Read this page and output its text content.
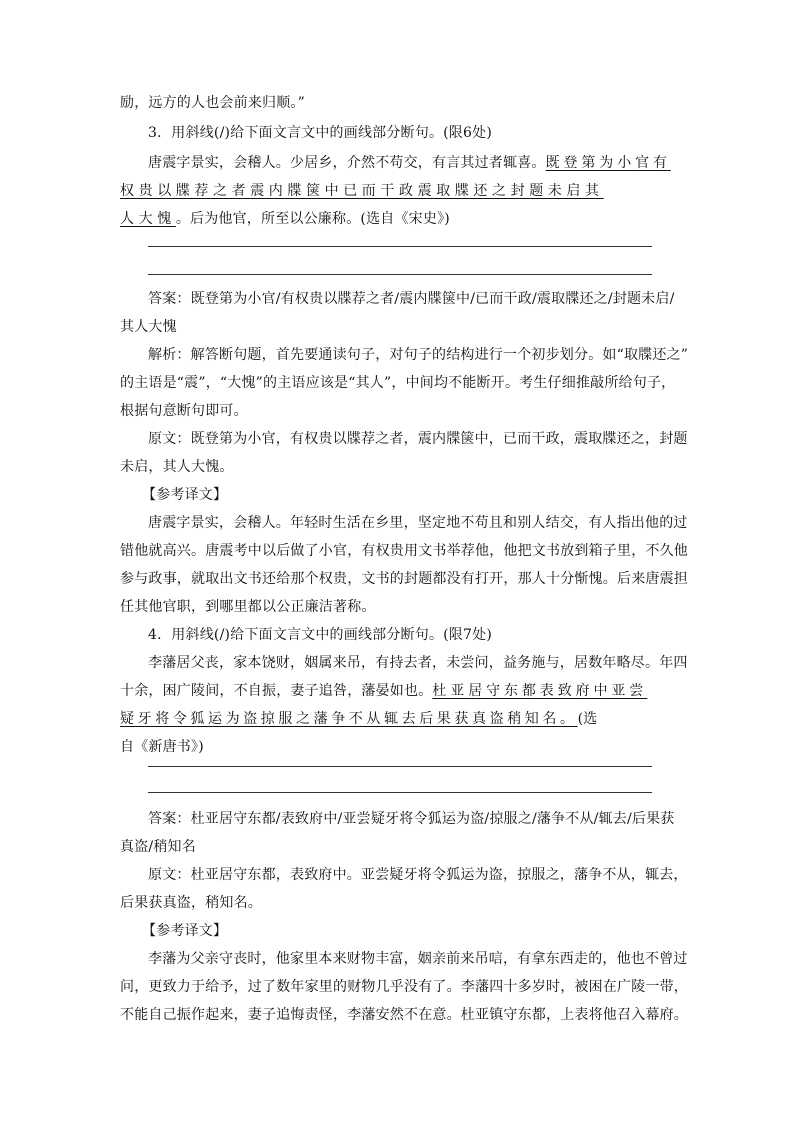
励，远方的人也会前来归顺。”
3．用斜线(/)给下面文言文中的画线部分断句。(限6处)
唐震字景实，会稽人。少居乡，介然不苟交，有言其过者辄喜。既登第为小官有
权贵以牒荐之者震内牒箧中已而干政震取牒还之封题未启其
人大愧。后为他官，所至以公廉称。(选自《宋史》)
答案：既登第为小官/有权贵以牒荐之者/震内牒箧中/已而干政/震取牒还之/封题未启/
其人大愧
解析：解答断句题，首先要通读句子，对句子的结构进行一个初步划分。如“取牒还之”
的主语是“震”，“大愧”的主语应该是“其人”，中间均不能断开。考生仔细推敲所给句子，
根据句意断句即可。
原文：既登第为小官，有权贵以牒荐之者，震内牒箧中，已而干政，震取牒还之，封题
未启，其人大愧。
【参考译文】
唐震字景实，会稽人。年轻时生活在乡里，坚定地不苟且和别人结交，有人指出他的过
错他就高兴。唐震考中以后做了小官，有权贵用文书举荐他，他把文书放到箱子里，不久他
参与政事，就取出文书还给那个权贵，文书的封题都没有打开，那人十分惭愧。后来唐震担
任其他官职，到哪里都以公正廉洁著称。
4．用斜线(/)给下面文言文中的画线部分断句。(限7处)
李藩居父丧，家本饶财，姻属来吊，有持去者，未尝问，益务施与，居数年略尽。年四
十余，困广陵间，不自振，妻子追咎，藩晏如也。杜亚居守东都表致府中亚尝
疑牙将令狐运为盗掠服之藩争不从辄去后果获真盗稍知名。(选
自《新唐书》)
答案：杜亚居守东都/表致府中/亚尝疑牙将令狐运为盗/掠服之/藩争不从/辄去/后果获
真盗/稍知名
原文：杜亚居守东都，表致府中。亚尝疑牙将令狐运为盗，掠服之，藩争不从，辄去，
后果获真盗，稍知名。
【参考译文】
李藩为父亲守丧时，他家里本来财物丰富，姻亲前来吊唁，有拿东西走的，他也不曾过
问，更致力于给予，过了数年家里的财物几乎没有了。李藩四十多岁时，被困在广陵一带，
不能自己振作起来，妻子追悔责怪，李藩安然不在意。杜亚镇守东都，上表将他召入幕府。
